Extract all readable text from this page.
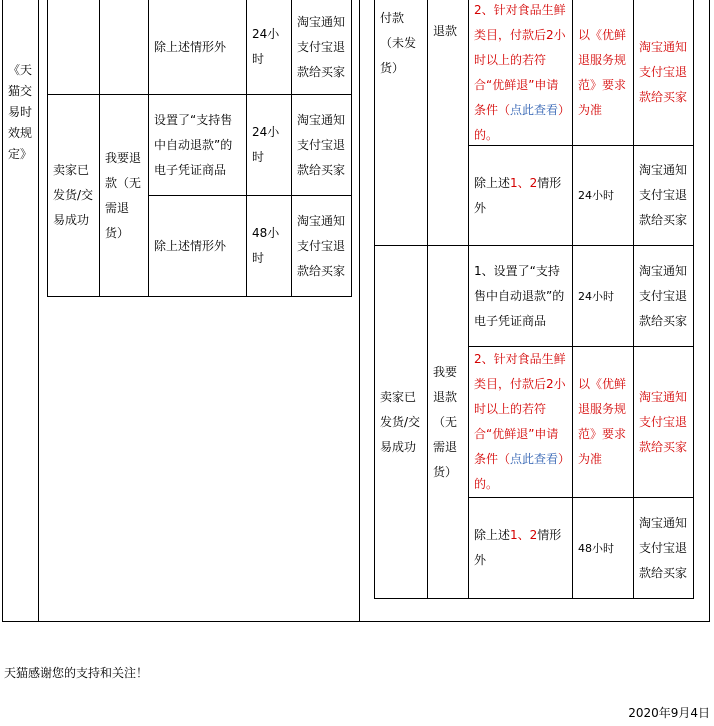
《天猫交易时效规定》
除上述情形外
24小时
淘宝通知支付宝退款给买家
卖家已发货/交易成功
我要退款（无需退货）
设置了“支持售中自动退款”的电子凭证商品
24小时
淘宝通知支付宝退款给买家
除上述情形外
48小时
淘宝通知支付宝退款给买家
付款（未发货）
退款
2、针对食品生鲜类目，付款后2小时以上的若符合“优鲜退”申请条件（点此查看）的。
以《优鲜退服务规范》要求为准
淘宝通知支付宝退款给买家
除上述1、2情形外
24小时
淘宝通知支付宝退款给买家
卖家已发货/交易成功
我要退款（无需退货）
1、设置了“支持售中自动退款”的电子凭证商品
24小时
淘宝通知支付宝退款给买家
2、针对食品生鲜类目，付款后2小时以上的若符合“优鲜退”申请条件（点此查看）的。
以《优鲜退服务规范》要求为准
淘宝通知支付宝退款给买家
除上述1、2情形外
48小时
淘宝通知支付宝退款给买家
天猫感谢您的支持和关注！
2020年9月4日
